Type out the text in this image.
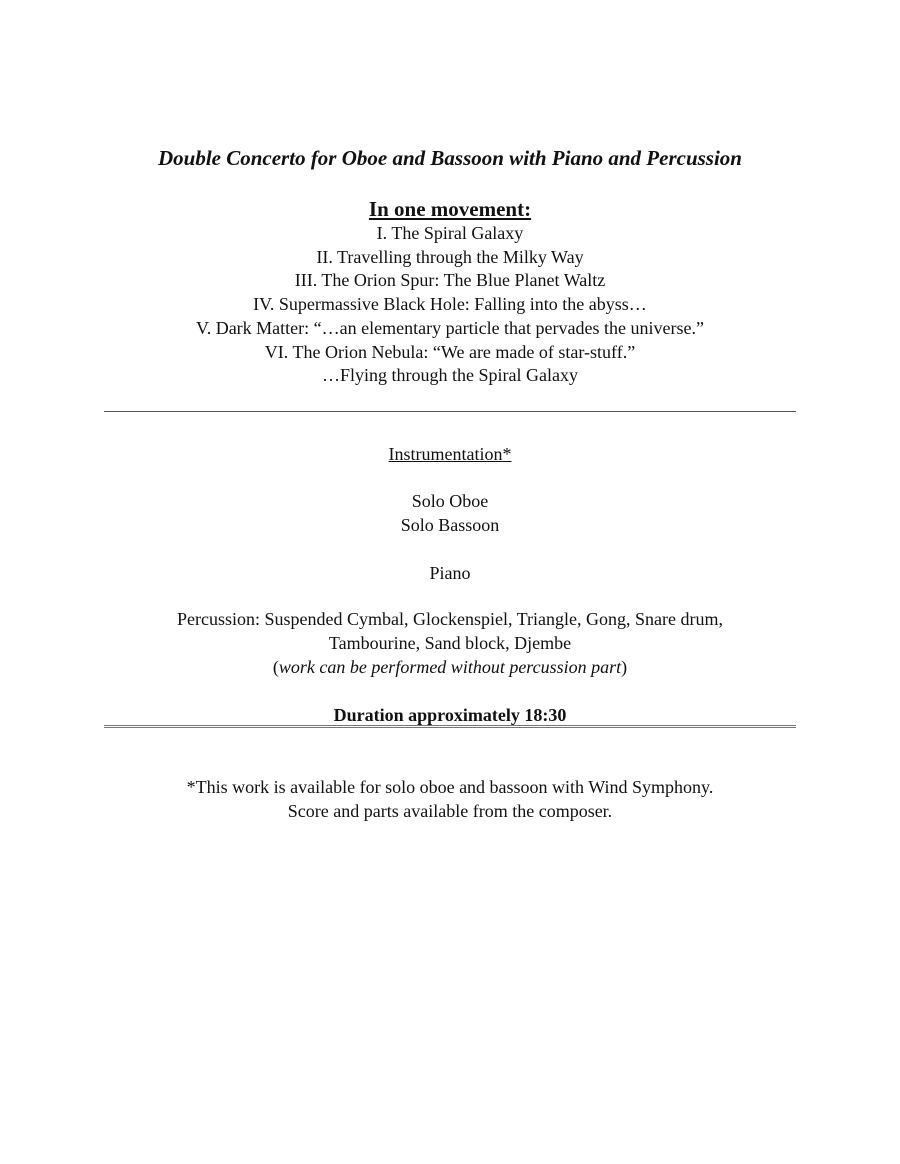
Double Concerto for Oboe and Bassoon with Piano and Percussion
In one movement:
I. The Spiral Galaxy
II. Travelling through the Milky Way
III. The Orion Spur: The Blue Planet Waltz
IV. Supermassive Black Hole: Falling into the abyss…
V. Dark Matter: “…an elementary particle that pervades the universe.”
VI. The Orion Nebula: “We are made of star-stuff.”
…Flying through the Spiral Galaxy
Instrumentation*
Solo Oboe
Solo Bassoon
Piano
Percussion: Suspended Cymbal, Glockenspiel, Triangle, Gong, Snare drum,
Tambourine, Sand block, Djembe
(work can be performed without percussion part)
Duration approximately 18:30
*This work is available for solo oboe and bassoon with Wind Symphony.
Score and parts available from the composer.
